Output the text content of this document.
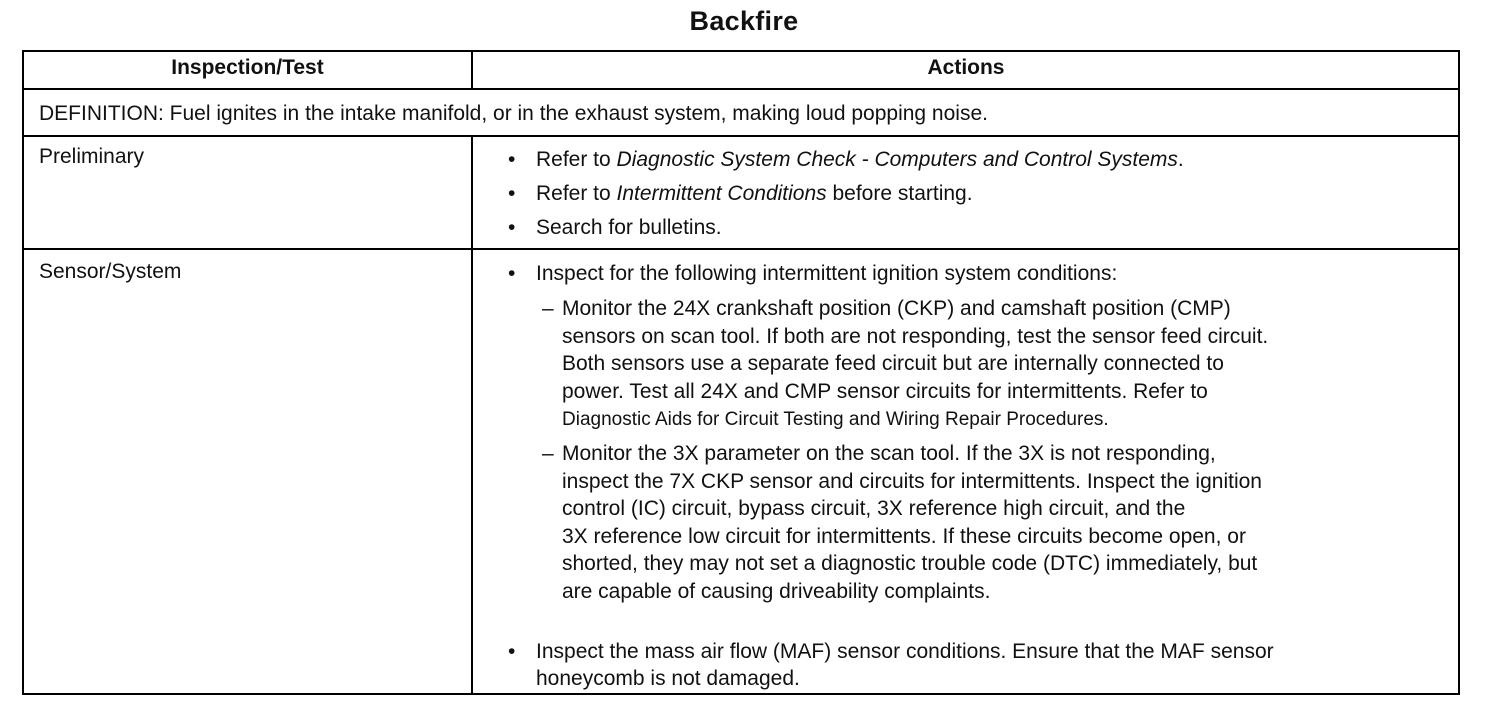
Backfire
Inspection/Test	Actions
DEFINITION: Fuel ignites in the intake manifold, or in the exhaust system, making loud popping noise.
Preliminary	• Refer to Diagnostic System Check - Computers and Control Systems.
• Refer to Intermittent Conditions before starting.
• Search for bulletins.
Sensor/System	• Inspect for the following intermittent ignition system conditions:
– Monitor the 24X crankshaft position (CKP) and camshaft position (CMP)
sensors on scan tool. If both are not responding, test the sensor feed circuit.
Both sensors use a separate feed circuit but are internally connected to
power. Test all 24X and CMP sensor circuits for intermittents. Refer to
Diagnostic Aids for Circuit Testing and Wiring Repair Procedures.
– Monitor the 3X parameter on the scan tool. If the 3X is not responding,
inspect the 7X CKP sensor and circuits for intermittents. Inspect the ignition
control (IC) circuit, bypass circuit, 3X reference high circuit, and the
3X reference low circuit for intermittents. If these circuits become open, or
shorted, they may not set a diagnostic trouble code (DTC) immediately, but
are capable of causing driveability complaints.
• Inspect the mass air flow (MAF) sensor conditions. Ensure that the MAF sensor
honeycomb is not damaged.
